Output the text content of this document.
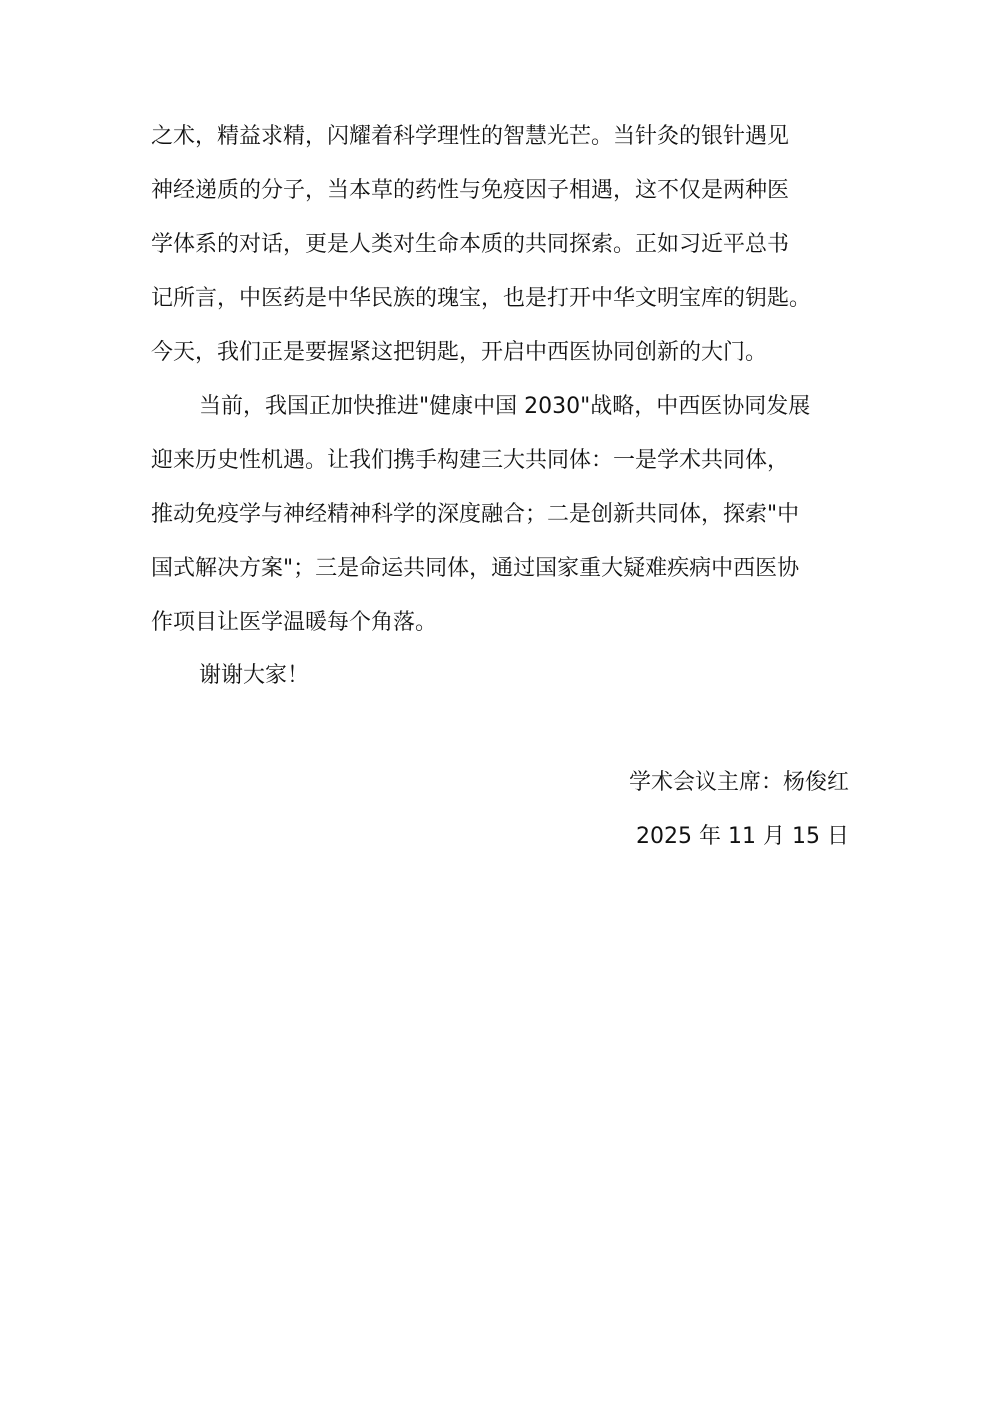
之术，精益求精，闪耀着科学理性的智慧光芒。当针灸的银针遇见
神经递质的分子，当本草的药性与免疫因子相遇，这不仅是两种医
学体系的对话，更是人类对生命本质的共同探索。正如习近平总书
记所言，中医药是中华民族的瑰宝，也是打开中华文明宝库的钥匙。
今天，我们正是要握紧这把钥匙，开启中西医协同创新的大门。
当前，我国正加快推进"健康中国 2030"战略，中西医协同发展
迎来历史性机遇。让我们携手构建三大共同体：一是学术共同体，
推动免疫学与神经精神科学的深度融合；二是创新共同体，探索"中
国式解决方案"；三是命运共同体，通过国家重大疑难疾病中西医协
作项目让医学温暖每个角落。
谢谢大家！
学术会议主席：杨俊红
2025 年 11 月 15 日
